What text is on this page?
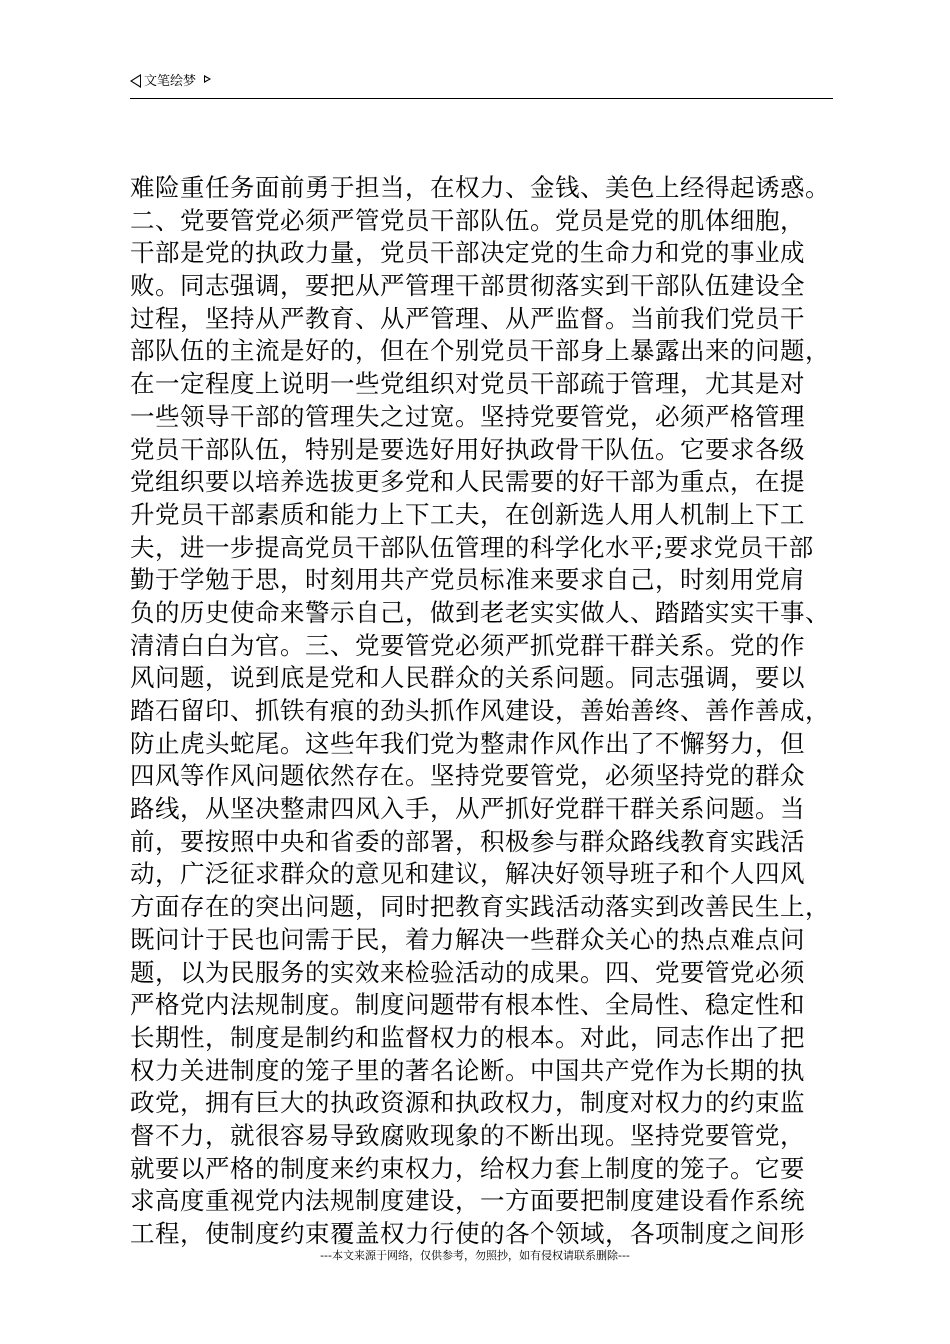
文笔绘梦
难险重任务面前勇于担当，在权力、金钱、美色上经得起诱惑。
二、党要管党必须严管党员干部队伍。党员是党的肌体细胞，
干部是党的执政力量，党员干部决定党的生命力和党的事业成
败。同志强调，要把从严管理干部贯彻落实到干部队伍建设全
过程，坚持从严教育、从严管理、从严监督。当前我们党员干
部队伍的主流是好的，但在个别党员干部身上暴露出来的问题，
在一定程度上说明一些党组织对党员干部疏于管理，尤其是对
一些领导干部的管理失之过宽。坚持党要管党，必须严格管理
党员干部队伍，特别是要选好用好执政骨干队伍。它要求各级
党组织要以培养选拔更多党和人民需要的好干部为重点，在提
升党员干部素质和能力上下工夫，在创新选人用人机制上下工
夫，进一步提高党员干部队伍管理的科学化水平;要求党员干部
勤于学勉于思，时刻用共产党员标准来要求自己，时刻用党肩
负的历史使命来警示自己，做到老老实实做人、踏踏实实干事、
清清白白为官。三、党要管党必须严抓党群干群关系。党的作
风问题，说到底是党和人民群众的关系问题。同志强调，要以
踏石留印、抓铁有痕的劲头抓作风建设，善始善终、善作善成，
防止虎头蛇尾。这些年我们党为整肃作风作出了不懈努力，但
四风等作风问题依然存在。坚持党要管党，必须坚持党的群众
路线，从坚决整肃四风入手，从严抓好党群干群关系问题。当
前，要按照中央和省委的部署，积极参与群众路线教育实践活
动，广泛征求群众的意见和建议，解决好领导班子和个人四风
方面存在的突出问题，同时把教育实践活动落实到改善民生上，
既问计于民也问需于民，着力解决一些群众关心的热点难点问
题，以为民服务的实效来检验活动的成果。四、党要管党必须
严格党内法规制度。制度问题带有根本性、全局性、稳定性和
长期性，制度是制约和监督权力的根本。对此，同志作出了把
权力关进制度的笼子里的著名论断。中国共产党作为长期的执
政党，拥有巨大的执政资源和执政权力，制度对权力的约束监
督不力，就很容易导致腐败现象的不断出现。坚持党要管党，
就要以严格的制度来约束权力，给权力套上制度的笼子。它要
求高度重视党内法规制度建设，一方面要把制度建设看作系统
工程，使制度约束覆盖权力行使的各个领域，各项制度之间形
---本文来源于网络，仅供参考，勿照抄，如有侵权请联系删除---
